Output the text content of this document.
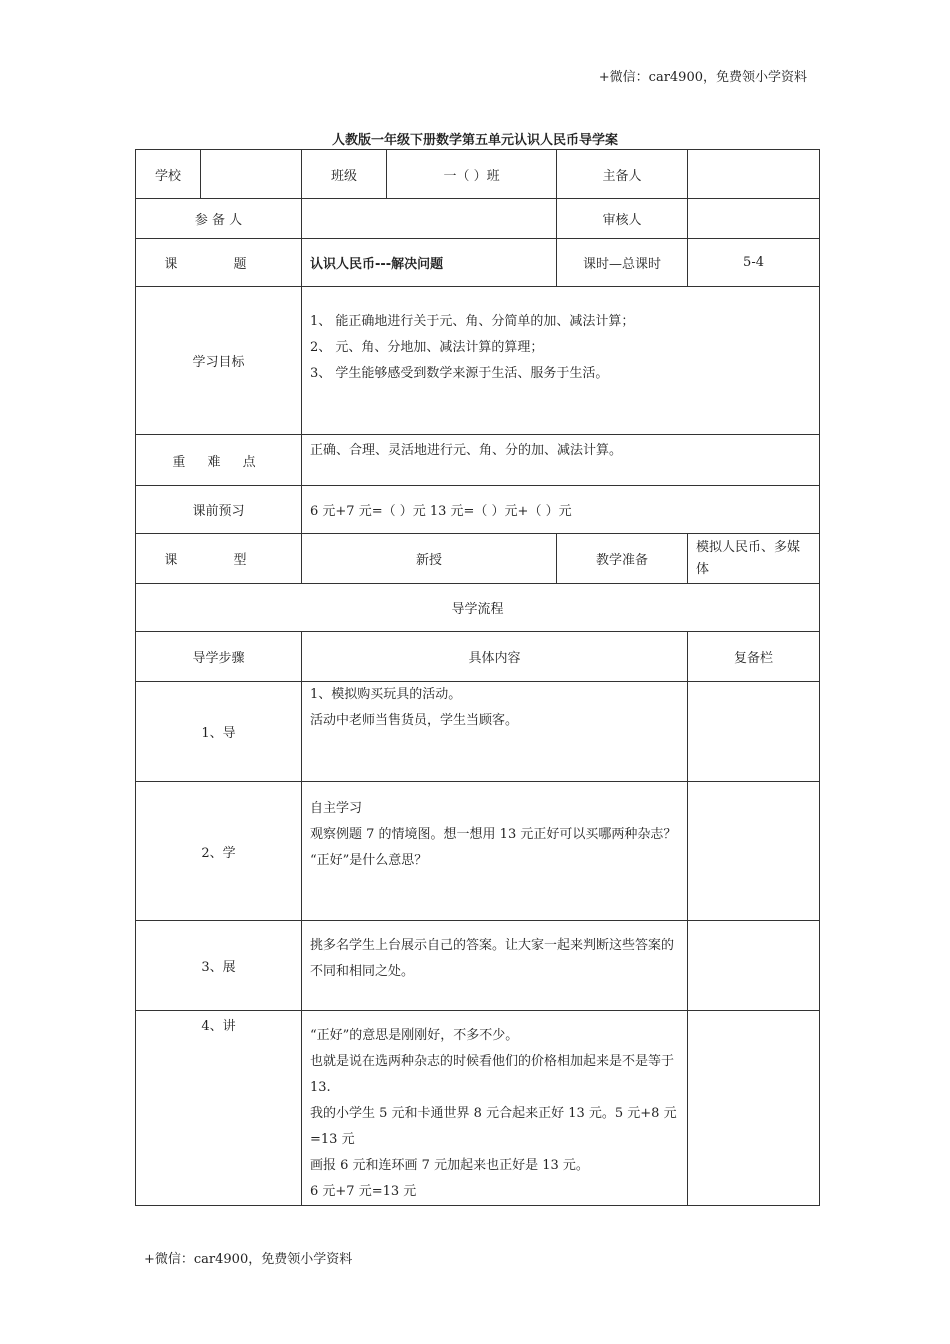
+微信：car4900，免费领小学资料
人教版一年级下册数学第五单元认识人民币导学案
学校		班级	一（ ）班	主备人	
参 备 人				审核人	
课 题		认识人民币---解决问题		课时—总课时	5-4
学习目标		1、 能正确地进行关于元、角、分简单的加、减法计算；
2、 元、角、分地加、减法计算的算理；
3、 学生能够感受到数学来源于生活、服务于生活。			

重 难 点		正确、合理、灵活地进行元、角、分的加、减法计算。			
课前预习		6 元+7 元=（ ）元 13 元=（ ）元+（ ）元			
课 型		新授		教学准备	模拟人民币、多媒体
导学流程					
导学步骤		具体内容			复备栏
1、导		1、模拟购买玩具的活动。
活动中老师当售货员，学生当顾客。			

2、学		自主学习
观察例题 7 的情境图。想一想用 13 元正好可以买哪两种杂志？
“正好”是什么意思？			

3、展		挑多名学生上台展示自己的答案。让大家一起来判断这些答案的不同和相同之处。			

4、讲		“正好”的意思是刚刚好，不多不少。
也就是说在选两种杂志的时候看他们的价格相加起来是不是等于 13.
我的小学生 5 元和卡通世界 8 元合起来正好 13 元。5 元+8 元=13 元
画报 6 元和连环画 7 元加起来也正好是 13 元。
6 元+7 元=13 元			

+微信：car4900，免费领小学资料
